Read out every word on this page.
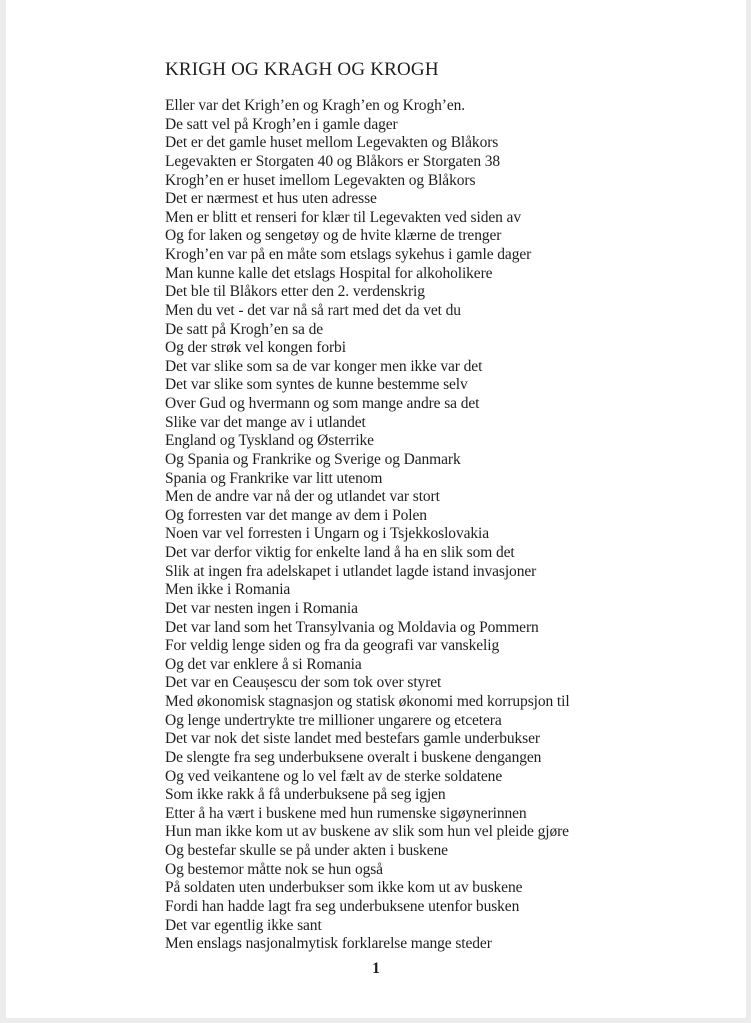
KRIGH OG KRAGH OG KROGH
Eller var det Krigh’en og Kragh’en og Krogh’en.
De satt vel på Krogh’en i gamle dager
Det er det gamle huset mellom Legevakten og Blåkors
Legevakten er Storgaten 40 og Blåkors er Storgaten 38
Krogh’en er huset imellom Legevakten og Blåkors
Det er nærmest et hus uten adresse
Men er blitt et renseri for klær til Legevakten ved siden av
Og for laken og sengetøy og de hvite klærne de trenger
Krogh’en var på en måte som etslags sykehus i gamle dager
Man kunne kalle det etslags Hospital for alkoholikere
Det ble til Blåkors etter den 2. verdenskrig
Men du vet - det var nå så rart med det da vet du
De satt på Krogh’en sa de
Og der strøk vel kongen forbi
Det var slike som sa de var konger men ikke var det
Det var slike som syntes de kunne bestemme selv
Over Gud og hvermann og som mange andre sa det
Slike var det mange av i utlandet
England og Tyskland og Østerrike
Og Spania og Frankrike og Sverige og Danmark
Spania og Frankrike var litt utenom
Men de andre var nå der og utlandet var stort
Og forresten var det mange av dem i Polen
Noen var vel forresten i Ungarn og i Tsjekkoslovakia
Det var derfor viktig for enkelte land å ha en slik som det
Slik at ingen fra adelskapet i utlandet lagde istand invasjoner
Men ikke i Romania
Det var nesten ingen i Romania
Det var land som het Transylvania og Moldavia og Pommern
For veldig lenge siden og fra da geografi var vanskelig
Og det var enklere å si Romania
Det var en Ceaușescu der som tok over styret
Med økonomisk stagnasjon og statisk økonomi med korrupsjon til
Og lenge undertrykte tre millioner ungarere og etcetera
Det var nok det siste landet med bestefars gamle underbukser
De slengte fra seg underbuksene overalt i buskene dengangen
Og ved veikantene og lo vel fælt av de sterke soldatene
Som ikke rakk å få underbuksene på seg igjen
Etter å ha vært i buskene med hun rumenske sigøynerinnen
Hun man ikke kom ut av buskene av slik som hun vel pleide gjøre
Og bestefar skulle se på under akten i buskene
Og bestemor måtte nok se hun også
På soldaten uten underbukser som ikke kom ut av buskene
Fordi han hadde lagt fra seg underbuksene utenfor busken
Det var egentlig ikke sant
Men enslags nasjonalmytisk forklarelse mange steder
1
